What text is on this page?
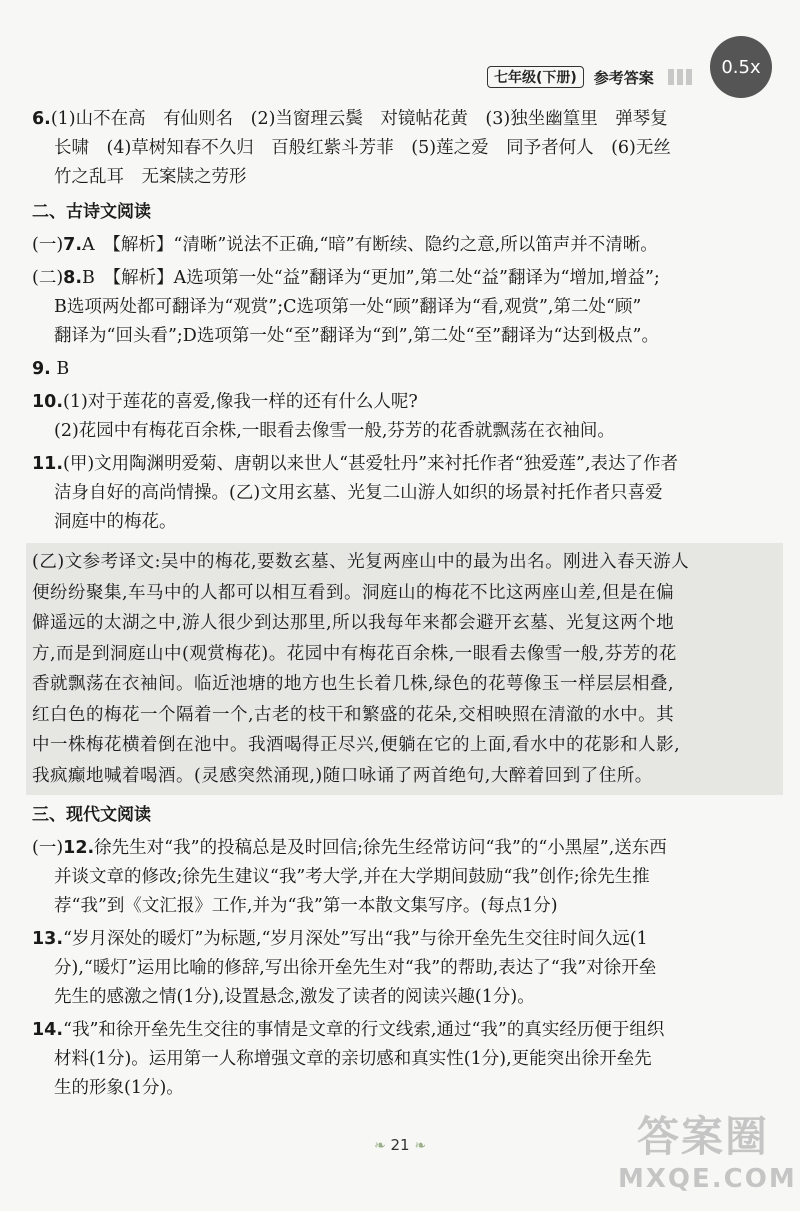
0.5x
七年级(下册)	参考答案
6.(1)山不在高　有仙则名　(2)当窗理云鬓　对镜帖花黄　(3)独坐幽篁里　弹琴复
长啸　(4)草树知春不久归　百般红紫斗芳菲　(5)莲之爱　同予者何人　(6)无丝
竹之乱耳　无案牍之劳形
二、古诗文阅读
(一)7.A　【解析】“清晰”说法不正确,“暗”有断续、隐约之意,所以笛声并不清晰。
(二)8.B　【解析】A选项第一处“益”翻译为“更加”,第二处“益”翻译为“增加,增益”;
B选项两处都可翻译为“观赏”;C选项第一处“顾”翻译为“看,观赏”,第二处“顾”
翻译为“回头看”;D选项第一处“至”翻译为“到”,第二处“至”翻译为“达到极点”。
9. B
10.(1)对于莲花的喜爱,像我一样的还有什么人呢?
(2)花园中有梅花百余株,一眼看去像雪一般,芬芳的花香就飘荡在衣袖间。
11.(甲)文用陶渊明爱菊、唐朝以来世人“甚爱牡丹”来衬托作者“独爱莲”,表达了作者
洁身自好的高尚情操。(乙)文用玄墓、光复二山游人如织的场景衬托作者只喜爱
洞庭中的梅花。
(乙)文参考译文:吴中的梅花,要数玄墓、光复两座山中的最为出名。刚进入春天游人
便纷纷聚集,车马中的人都可以相互看到。洞庭山的梅花不比这两座山差,但是在偏
僻遥远的太湖之中,游人很少到达那里,所以我每年来都会避开玄墓、光复这两个地
方,而是到洞庭山中(观赏梅花)。花园中有梅花百余株,一眼看去像雪一般,芬芳的花
香就飘荡在衣袖间。临近池塘的地方也生长着几株,绿色的花萼像玉一样层层相叠,
红白色的梅花一个隔着一个,古老的枝干和繁盛的花朵,交相映照在清澈的水中。其
中一株梅花横着倒在池中。我酒喝得正尽兴,便躺在它的上面,看水中的花影和人影,
我疯癫地喊着喝酒。(灵感突然涌现,)随口咏诵了两首绝句,大醉着回到了住所。
三、现代文阅读
(一)12.徐先生对“我”的投稿总是及时回信;徐先生经常访问“我”的“小黑屋”,送东西
并谈文章的修改;徐先生建议“我”考大学,并在大学期间鼓励“我”创作;徐先生推
荐“我”到《文汇报》工作,并为“我”第一本散文集写序。(每点1分)
13.“岁月深处的暖灯”为标题,“岁月深处”写出“我”与徐开垒先生交往时间久远(1
分),“暖灯”运用比喻的修辞,写出徐开垒先生对“我”的帮助,表达了“我”对徐开垒
先生的感激之情(1分),设置悬念,激发了读者的阅读兴趣(1分)。
14.“我”和徐开垒先生交往的事情是文章的行文线索,通过“我”的真实经历便于组织
材料(1分)。运用第一人称增强文章的亲切感和真实性(1分),更能突出徐开垒先
生的形象(1分)。
❧ 21 ❧	答案圈
MXQE.COM
